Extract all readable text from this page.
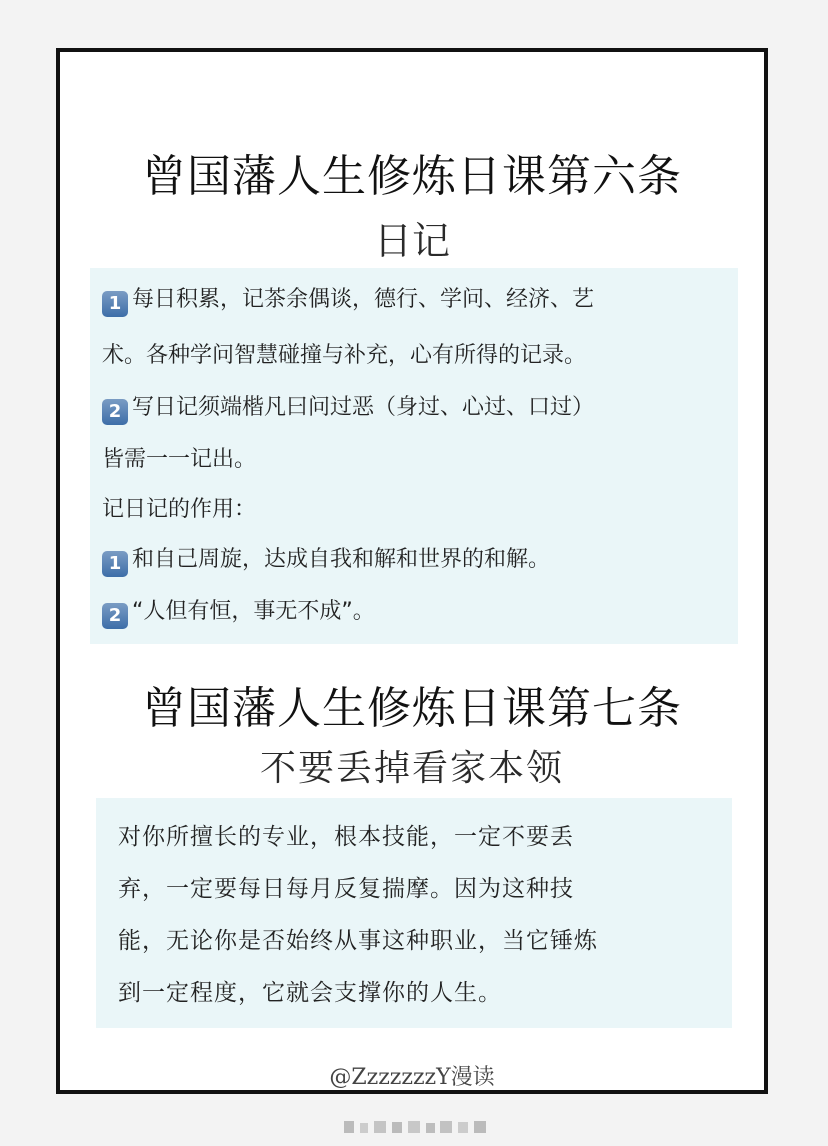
曾国藩人生修炼日课第六条
日记
1 每日积累，记茶余偶谈，德行、学问、经济、艺
术。各种学问智慧碰撞与补充，心有所得的记录。
2 写日记须端楷凡曰问过恶（身过、心过、口过）
皆需一一记出。
记日记的作用：
1 和自己周旋，达成自我和解和世界的和解。
2 “人但有恒，事无不成”。
曾国藩人生修炼日课第七条
不要丢掉看家本领
对你所擅长的专业，根本技能，一定不要丢
弃，一定要每日每月反复揣摩。因为这种技
能，无论你是否始终从事这种职业，当它锤炼
到一定程度，它就会支撑你的人生。
@ZzzzzzzY漫读
